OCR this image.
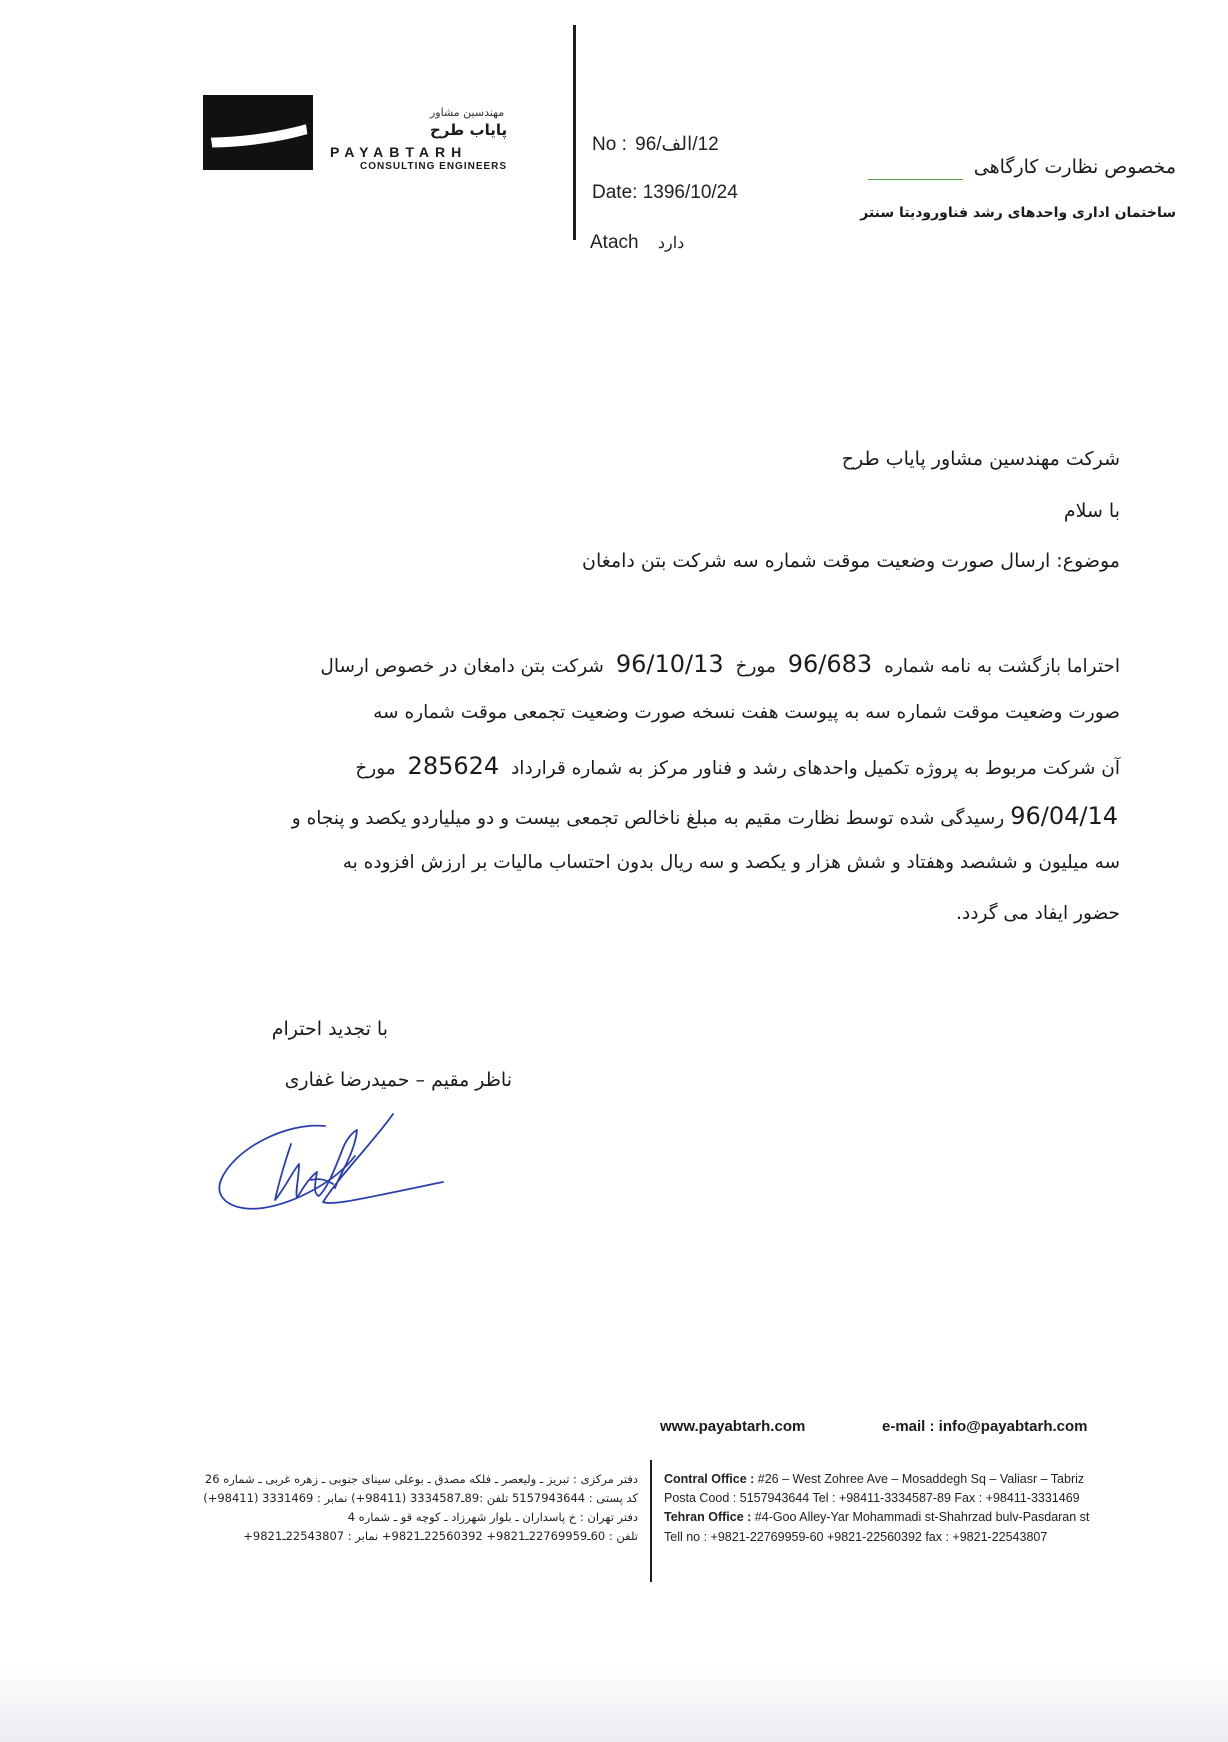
مهندسین مشاور
پایاب طرح
PAYABTARH
CONSULTING ENGINEERS
No : 12/الف/96
Date: 1396/10/24
Atach دارد
مخصوص نظارت کارگاهی
ساختمان اداری واحدهای رشد فناوروديتا سنتر
شرکت مهندسین مشاور پایاب طرح
با سلام
موضوع: ارسال صورت وضعیت موقت شماره سه شرکت بتن دامغان
احتراما بازگشت به نامه شماره 96/683 مورخ 96/10/13 شرکت بتن دامغان در خصوص ارسال
صورت وضعیت موقت شماره سه به پیوست هفت نسخه صورت وضعیت تجمعی موقت شماره سه
آن شرکت مربوط به پروژه تکمیل واحدهای رشد و فناور مرکز به شماره قرارداد 285624 مورخ
96/04/14رسیدگی شده توسط نظارت مقیم به مبلغ ناخالص تجمعی بیست و دو میلیاردو یکصد و پنجاه و
سه میلیون و ششصد وهفتاد و شش هزار و یکصد و سه ریال بدون احتساب مالیات بر ارزش افزوده به
حضور ایفاد می گردد.
با تجدید احترام
ناظر مقیم – حمیدرضا غفاری
www.payabtarh.com	e-mail : info@payabtarh.com
دفتر مرکزی : تبریز ـ ولیعصر ـ فلکه مصدق ـ بوعلی سینای جنوبی ـ زهره غربی ـ شماره 26
کد پستی : 5157943644 تلفن :89ـ3334587 (98411+) نمابر : 3331469 (98411+)
دفتر تهران : خ پاسداران ـ بلوار شهرزاد ـ کوچه قو ـ شماره 4
تلفن : 60ـ22769959ـ9821+ 22560392ـ9821+ نمابر : 22543807ـ9821+
Contral Office : #26 – West Zohree Ave – Mosaddegh Sq – Valiasr – Tabriz
Posta Cood : 5157943644 Tel : +98411-3334587-89 Fax : +98411-3331469
Tehran Office : #4-Goo Alley-Yar Mohammadi st-Shahrzad bulv-Pasdaran st
Tell no : +9821-22769959-60 +9821-22560392 fax : +9821-22543807
